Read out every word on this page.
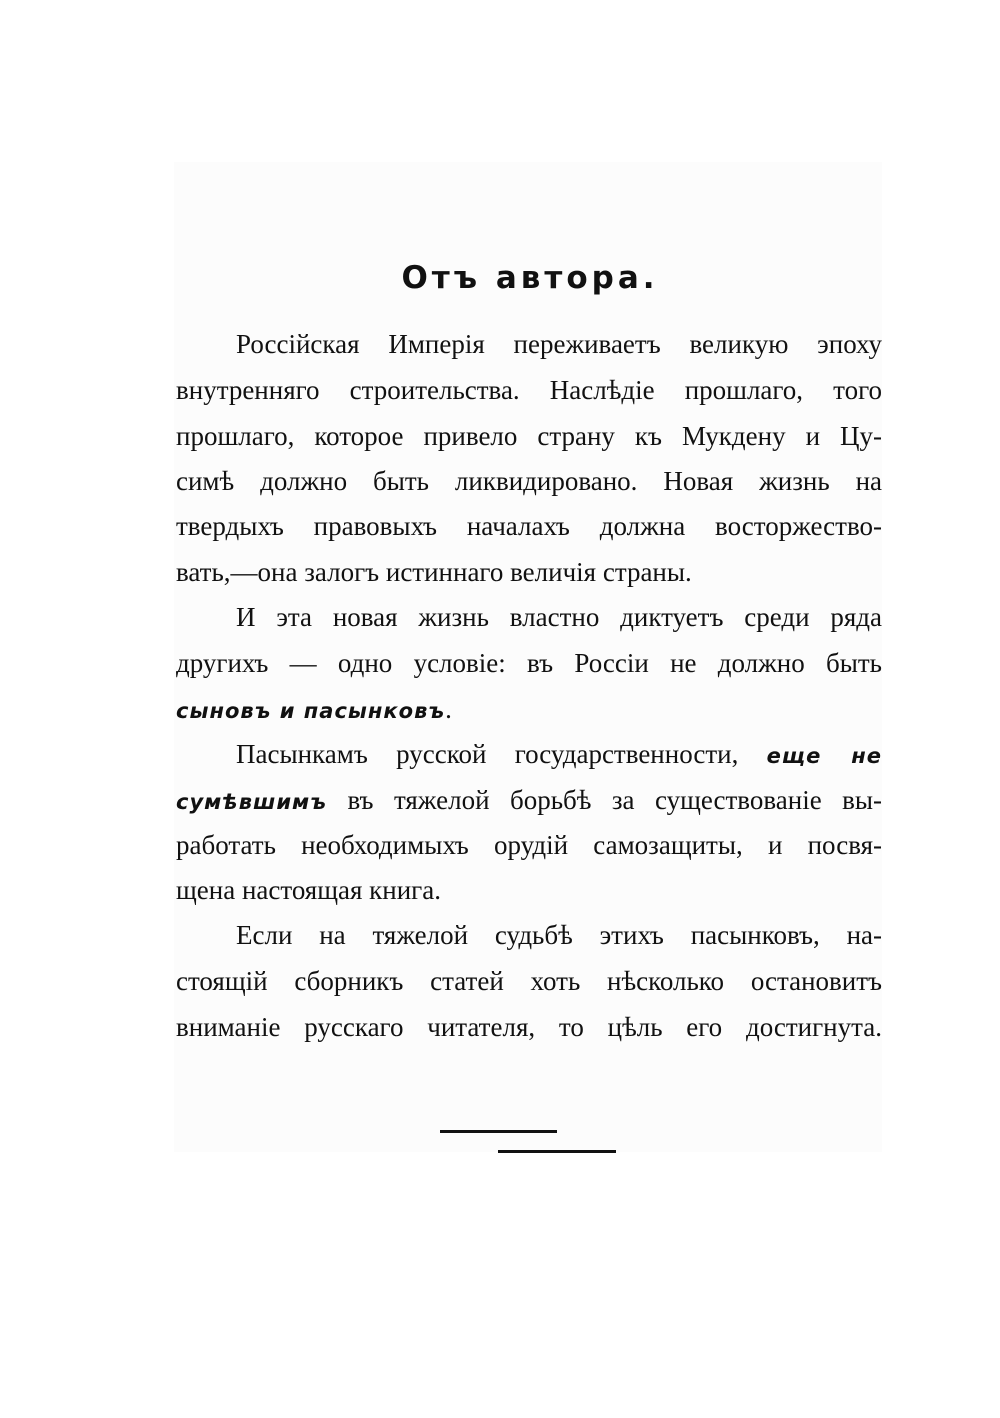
Отъ автора.
Россійская Имперія переживаетъ великую эпоху
внутренняго строительства. Наслѣдіе прошлаго, того
прошлаго, которое привело страну къ Мукдену и Цу-
симѣ должно быть ликвидировано. Новая жизнь на
твердыхъ правовыхъ началахъ должна восторжество-
вать,—она залогъ истиннаго величія страны.
И эта новая жизнь властно диктуетъ среди ряда
другихъ — одно условіе: въ Россіи не должно быть
сыновъ и пасынковъ.
Пасынкамъ русской государственности, еще не
сумѣвшимъ въ тяжелой борьбѣ за существованіе вы-
работать необходимыхъ орудій самозащиты, и посвя-
щена настоящая книга.
Если на тяжелой судьбѣ этихъ пасынковъ, на-
стоящій сборникъ статей хоть нѣсколько остановитъ
вниманіе русскаго читателя, то цѣль его достигнута.
